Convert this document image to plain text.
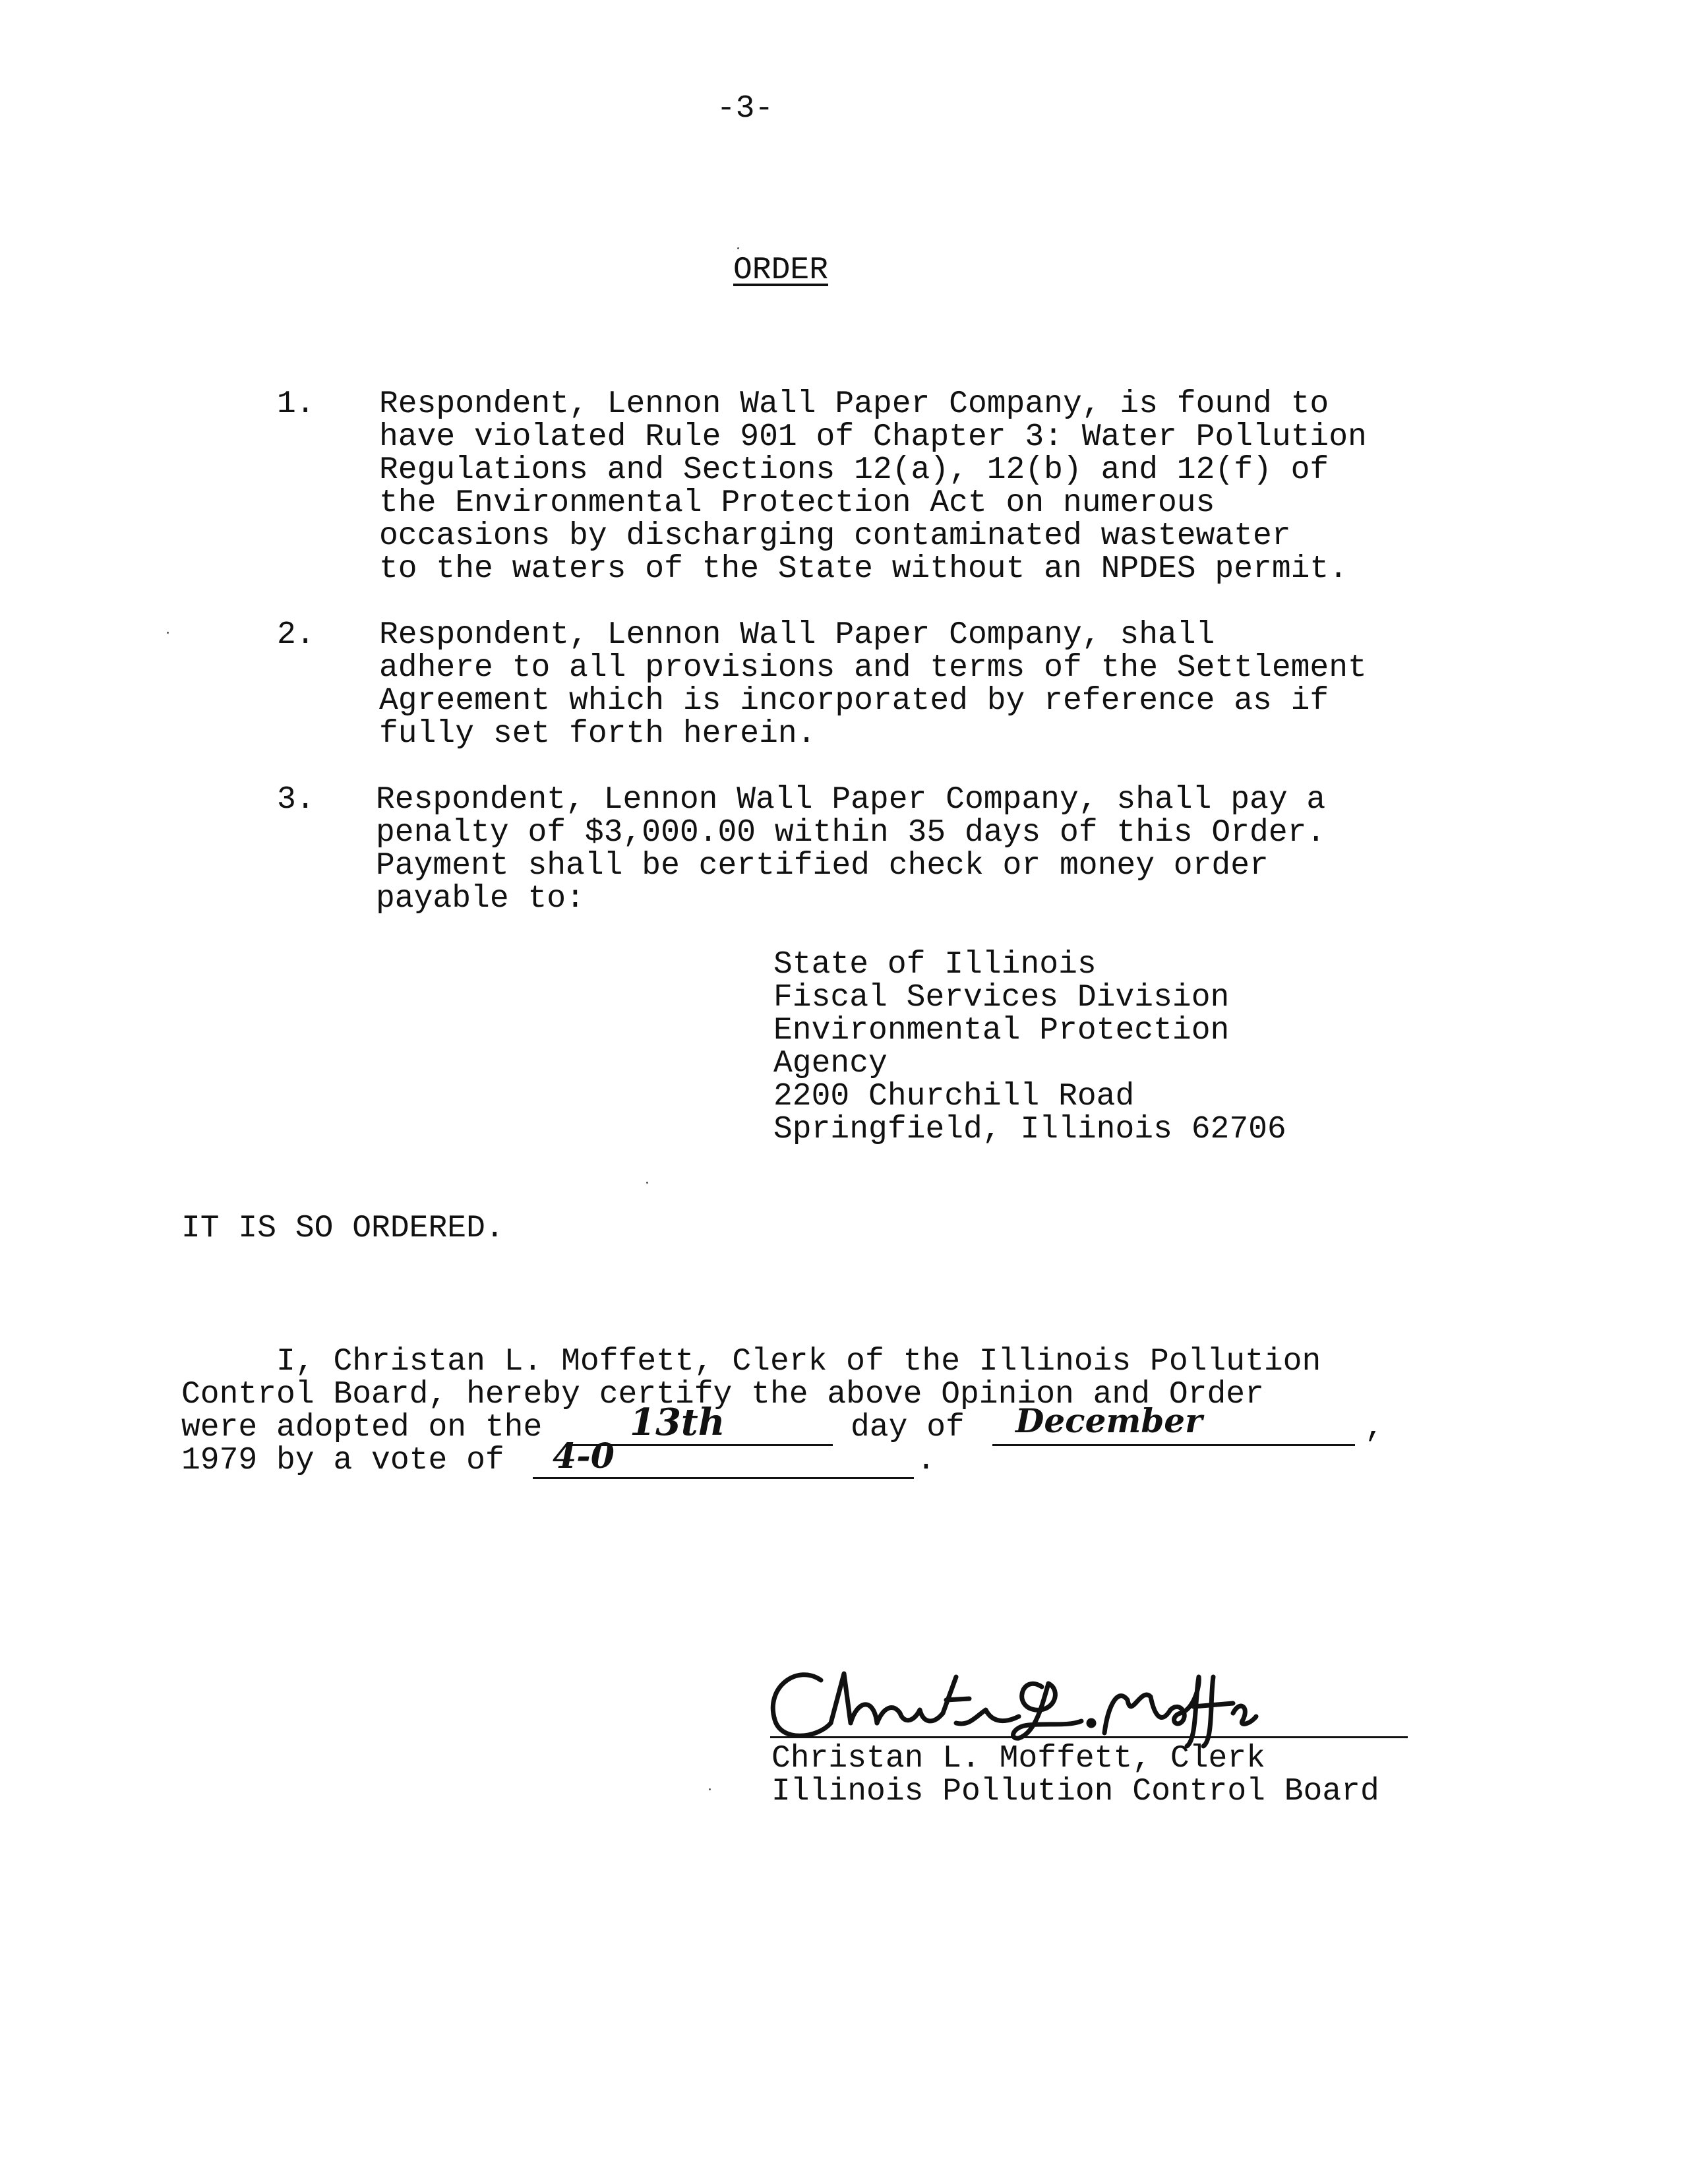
-3-
ORDER
1. Respondent, Lennon Wall Paper Company, is found to
have violated Rule 901 of Chapter 3: Water Pollution
Regulations and Sections 12(a), 12(b) and 12(f) of
the Environmental Protection Act on numerous
occasions by discharging contaminated wastewater
to the waters of the State without an NPDES permit.
2. Respondent, Lennon Wall Paper Company, shall
adhere to all provisions and terms of the Settlement
Agreement which is incorporated by reference as if
fully set forth herein.
3. Respondent, Lennon Wall Paper Company, shall pay a
penalty of $3,000.00 within 35 days of this Order.
Payment shall be certified check or money order
payable to:
State of Illinois
Fiscal Services Division
Environmental Protection
Agency
2200 Churchill Road
Springfield, Illinois 62706
IT IS SO ORDERED.
I, Christan L. Moffett, Clerk of the Illinois Pollution
Control Board, hereby certify the above Opinion and Order
were adopted on the 13th	day of December	,
1979 by a vote of 4-0	.
Christan L. Moffett, Clerk
Illinois Pollution Control Board
